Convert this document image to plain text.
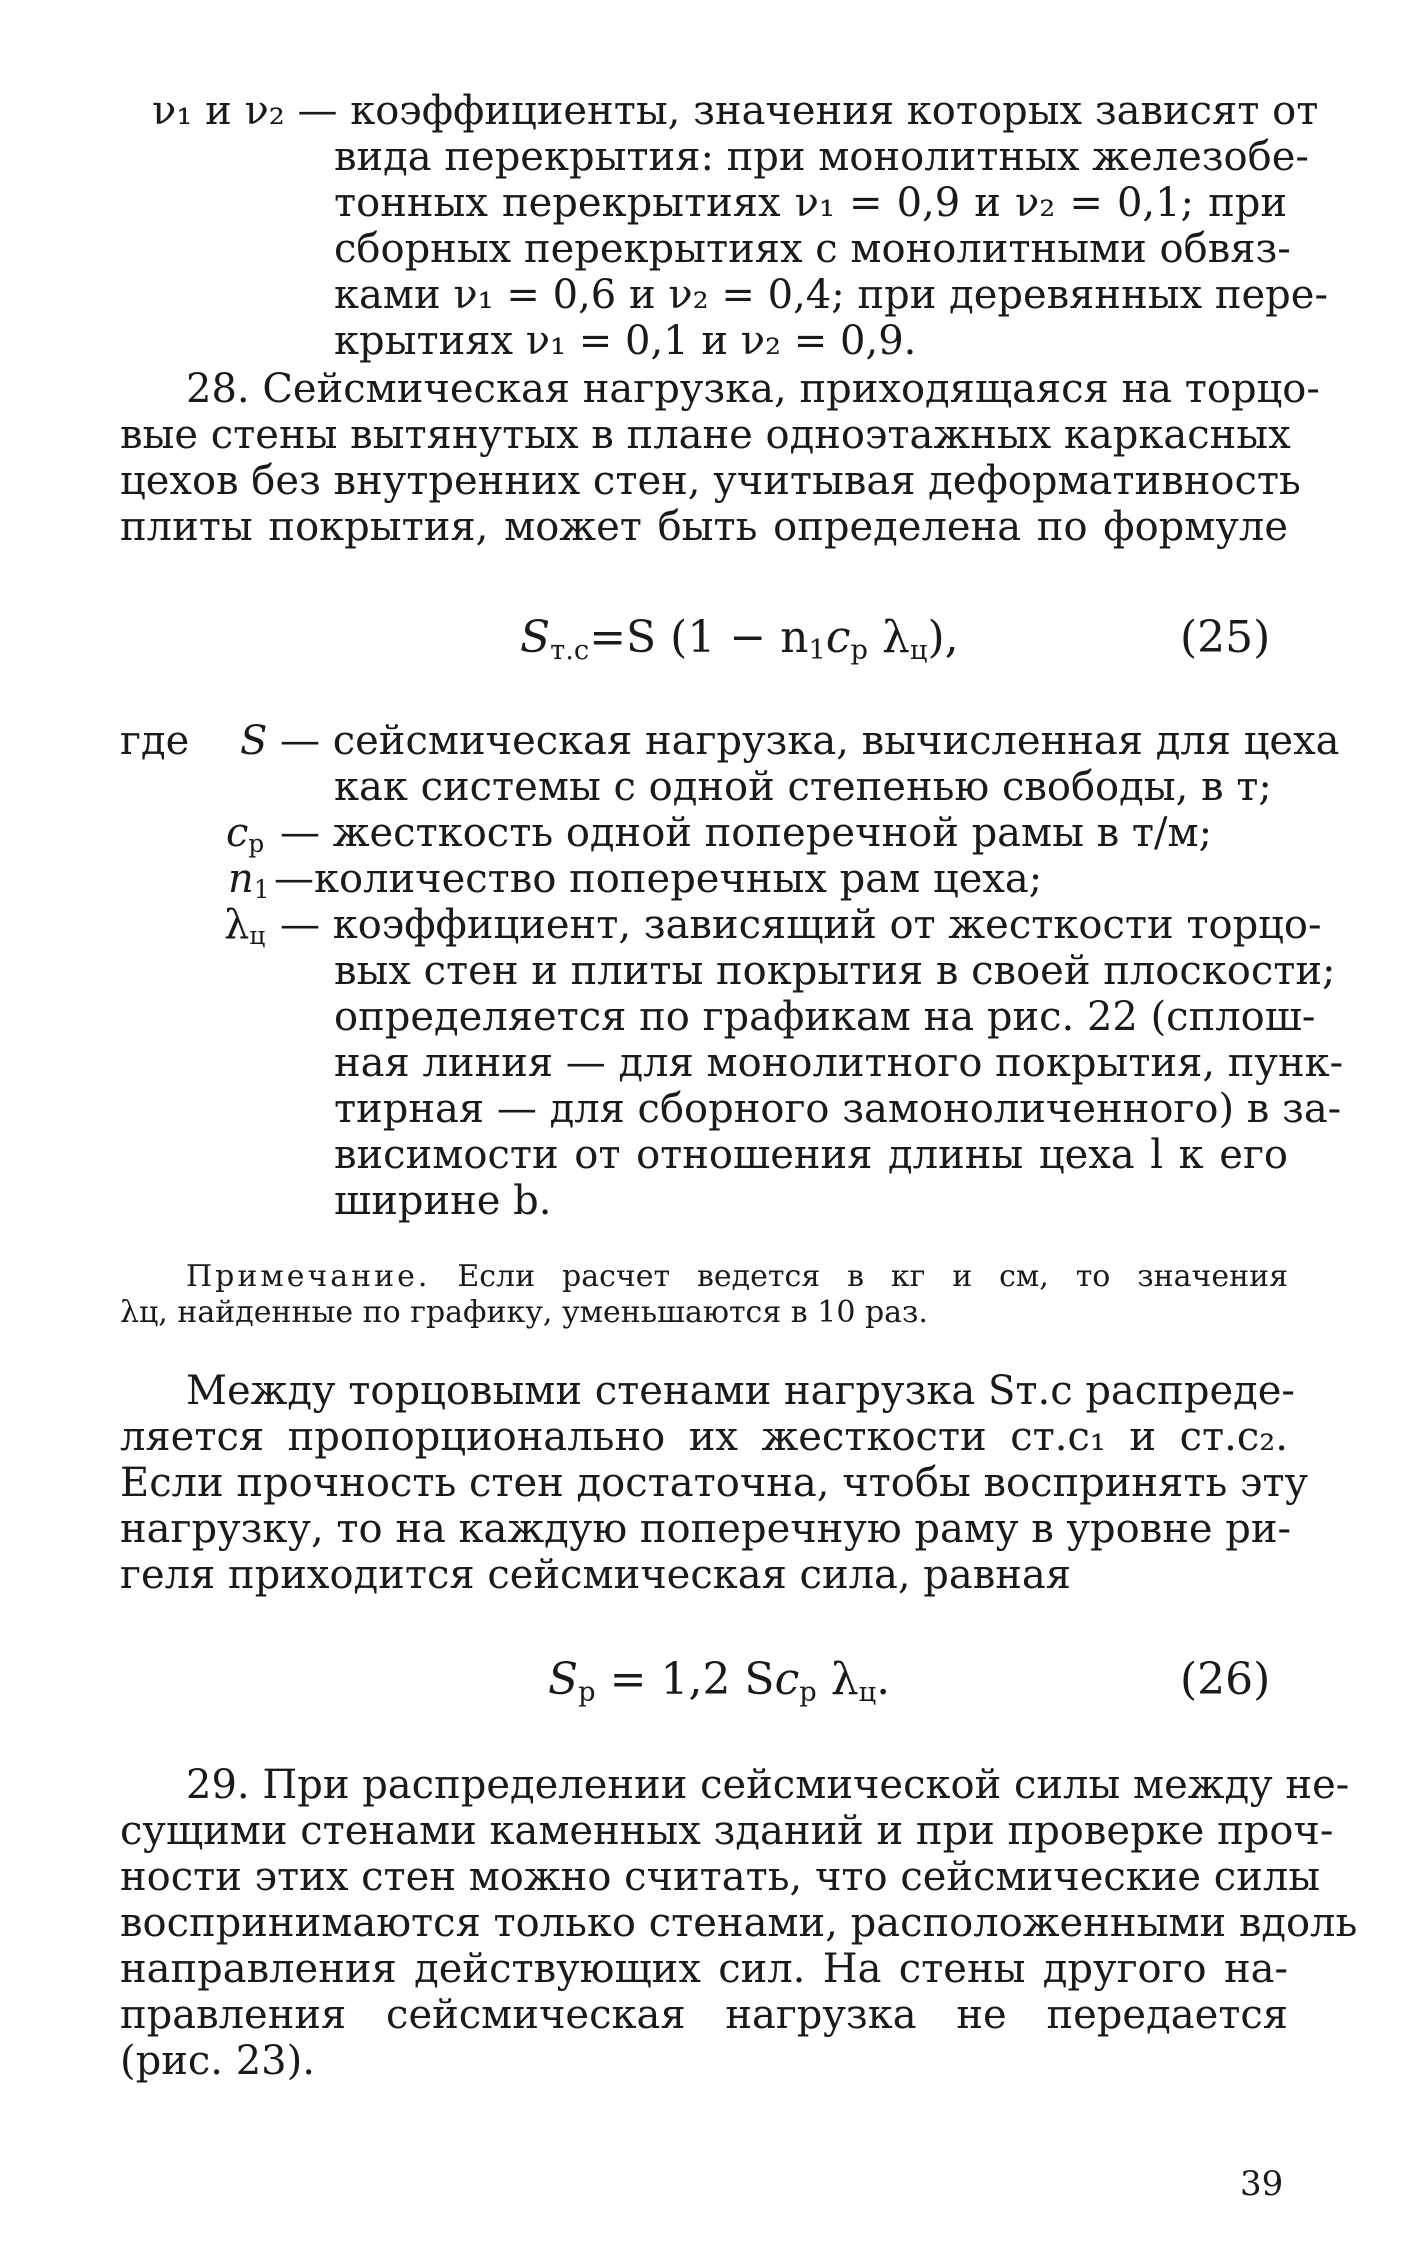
ν₁ и ν₂ — коэффициенты, значения которых зависят от
вида перекрытия: при монолитных железобе-
тонных перекрытиях ν₁ = 0,9 и ν₂ = 0,1; при
сборных перекрытиях с монолитными обвяз-
ками ν₁ = 0,6 и ν₂ = 0,4; при деревянных пере-
крытиях ν₁ = 0,1 и ν₂ = 0,9.
28. Сейсмическая нагрузка, приходящаяся на торцо-
вые стены вытянутых в плане одноэтажных каркасных
цехов без внутренних стен, учитывая деформативность
плиты покрытия, может быть определена по формуле
$S_{т.с}=S$ ($1 - n_1c_р$ $\lambda_ц$),	(25)
где S — сейсмическая нагрузка, вычисленная для цеха
как системы с одной степенью свободы, в т;
$c_р$ — жесткость одной поперечной рамы в т/м;
$n_1$ —количество поперечных рам цеха;
$\lambda_ц$ — коэффициент, зависящий от жесткости торцо-
вых стен и плиты покрытия в своей плоскости;
определяется по графикам на рис. 22 (сплош-
ная линия — для монолитного покрытия, пунк-
тирная — для сборного замоноличенного) в за-
висимости от отношения длины цеха l к его
ширине b.
Примечание. Если расчет ведется в кг и см, то значения
λц, найденные по графику, уменьшаются в 10 раз.
Между торцовыми стенами нагрузка Sт.с распреде-
ляется пропорционально их жесткости cт.с₁ и cт.с₂.
Если прочность стен достаточна, чтобы воспринять эту
нагрузку, то на каждую поперечную раму в уровне ри-
геля приходится сейсмическая сила, равная
$S_р = 1,2$ $Sc_р$ $\lambda_ц$.	(26)
29. При распределении сейсмической силы между не-
сущими стенами каменных зданий и при проверке проч-
ности этих стен можно считать, что сейсмические силы
воспринимаются только стенами, расположенными вдоль
направления действующих сил. На стены другого на-
правления сейсмическая нагрузка не передается
(рис. 23).
39
